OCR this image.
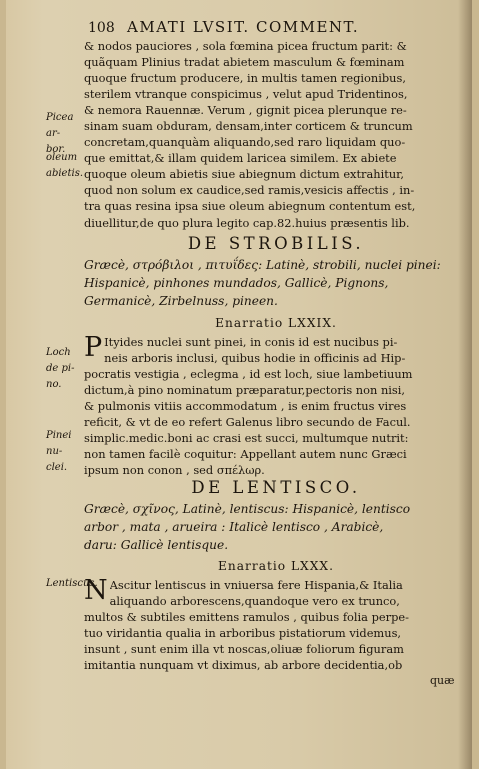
108 AMATI LVSIT. COMMENT.
& nodos pauciores , sola fœmina picea fructum parit: &
quãquam Plinius tradat abietem masculum & fœminam
quoque fructum producere, in multis tamen regionibus,
sterilem vtranque conspicimus , velut apud Tridentinos,
& nemora Rauennæ. Verum , gignit picea plerunque re-
sinam suam obduram, densam,inter corticem & truncum
concretam,quanquàm aliquando,sed raro liquidam quo-
que emittat,& illam quidem laricea similem. Ex abiete
quoque oleum abietis siue abiegnum dictum extrahitur,
quod non solum ex caudice,sed ramis,vesicis affectis , in-
tra quas resina ipsa siue oleum abiegnum contentum est,
diuellitur,de quo plura legito cap.82.huius præsentis lib.
Picea ar-
bor.
oleum
abietis.
Loch de pi-
no.
Pinei nu-
clei.
Lentiscus.
DE STROBILIS.
Græcè, στρόβιλοι , πιτυΐδες: Latinè, strobili, nuclei pinei:
Hispanicè, pinhones mundados, Gallicè, Pignons,
Germanicè, Zirbelnuss, pineen.
Enarratio LXXIX.
P Ityides nuclei sunt pinei, in conis id est nucibus pi-
neis arboris inclusi, quibus hodie in officinis ad Hip-
pocratis vestigia , eclegma , id est loch, siue lambetiuum
dictum,à pino nominatum præparatur,pectoris non nisi,
& pulmonis vitiis accommodatum , is enim fructus vires
reficit, & vt de eo refert Galenus libro secundo de Facul.
simplic.medic.boni ac crasi est succi, multumque nutrit:
non tamen facilè coquitur: Appellant autem nunc Græci
ipsum non conon , sed σπέλωρ.
DE LENTISCO.
Græcè, σχῖνος, Latinè, lentiscus: Hispanicè, lentisco
arbor , mata , arueira : Italicè lentisco , Arabicè,
daru: Gallicè lentisque.
Enarratio LXXX.
N Ascitur lentiscus in vniuersa fere Hispania,& Italia
aliquando arborescens,quandoque vero ex trunco,
multos & subtiles emittens ramulos , quibus folia perpe-
tuo viridantia qualia in arboribus pistatiorum videmus,
insunt , sunt enim illa vt noscas,oliuæ foliorum figuram
imitantia nunquam vt diximus, ab arbore decidentia,ob
quæ
